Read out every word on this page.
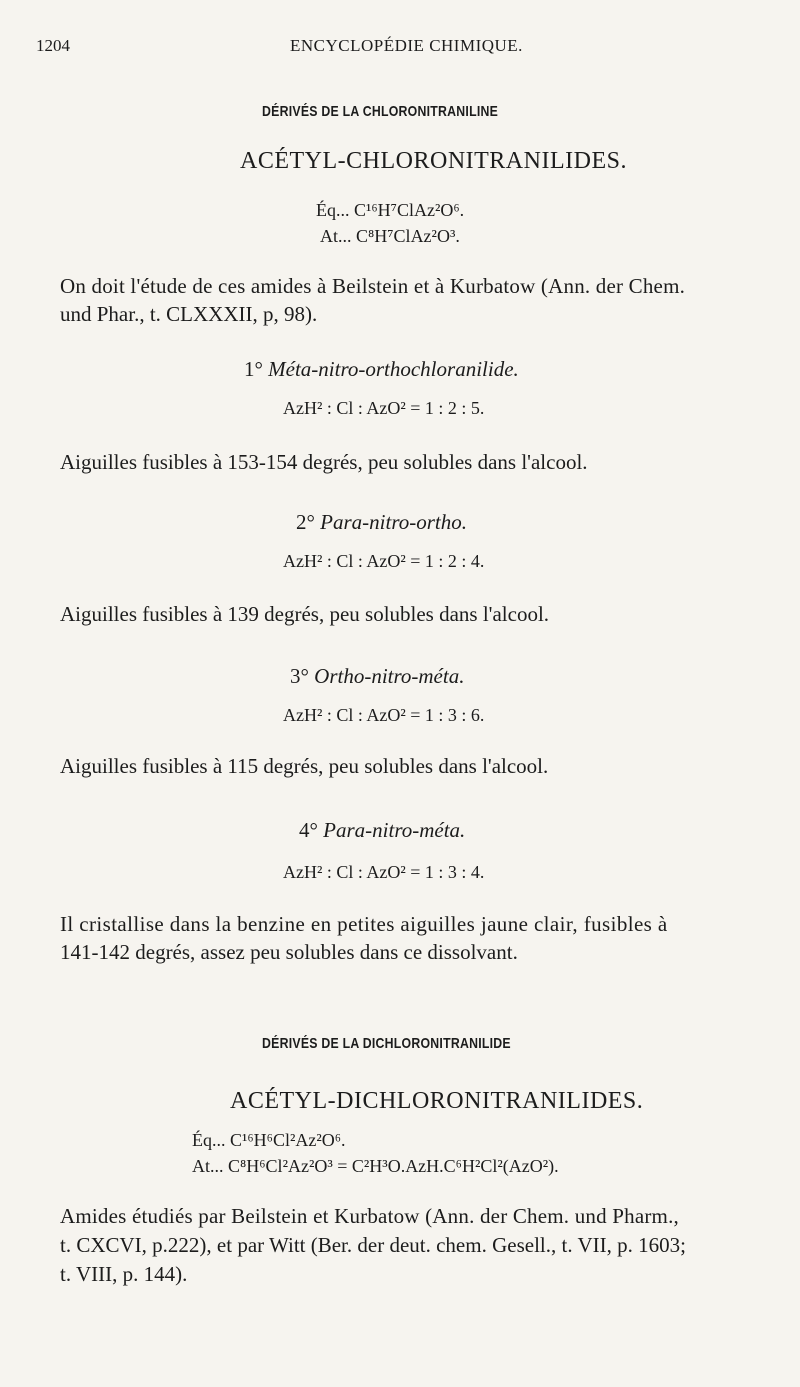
1204	ENCYCLOPÉDIE CHIMIQUE.
DÉRIVÉS DE LA CHLORONITRANILINE
ACÉTYL-CHLORONITRANILIDES.
Éq... C¹⁶H⁷ClAz²O⁶.
At... C⁸H⁷ClAz²O³.
On doit l'étude de ces amides à Beilstein et à Kurbatow (Ann. der Chem.
und Phar., t. CLXXXII, p, 98).
1° Méta-nitro-orthochloranilide.
AzH² : Cl : AzO² = 1 : 2 : 5.
Aiguilles fusibles à 153-154 degrés, peu solubles dans l'alcool.
2° Para-nitro-ortho.
AzH² : Cl : AzO² = 1 : 2 : 4.
Aiguilles fusibles à 139 degrés, peu solubles dans l'alcool.
3° Ortho-nitro-méta.
AzH² : Cl : AzO² = 1 : 3 : 6.
Aiguilles fusibles à 115 degrés, peu solubles dans l'alcool.
4° Para-nitro-méta.
AzH² : Cl : AzO² = 1 : 3 : 4.
Il cristallise dans la benzine en petites aiguilles jaune clair, fusibles à
141-142 degrés, assez peu solubles dans ce dissolvant.
DÉRIVÉS DE LA DICHLORONITRANILIDE
ACÉTYL-DICHLORONITRANILIDES.
Éq... C¹⁶H⁶Cl²Az²O⁶.
At... C⁸H⁶Cl²Az²O³ = C²H³O.AzH.C⁶H²Cl²(AzO²).
Amides étudiés par Beilstein et Kurbatow (Ann. der Chem. und Pharm.,
t. CXCVI, p.222), et par Witt (Ber. der deut. chem. Gesell., t. VII, p. 1603;
t. VIII, p. 144).
